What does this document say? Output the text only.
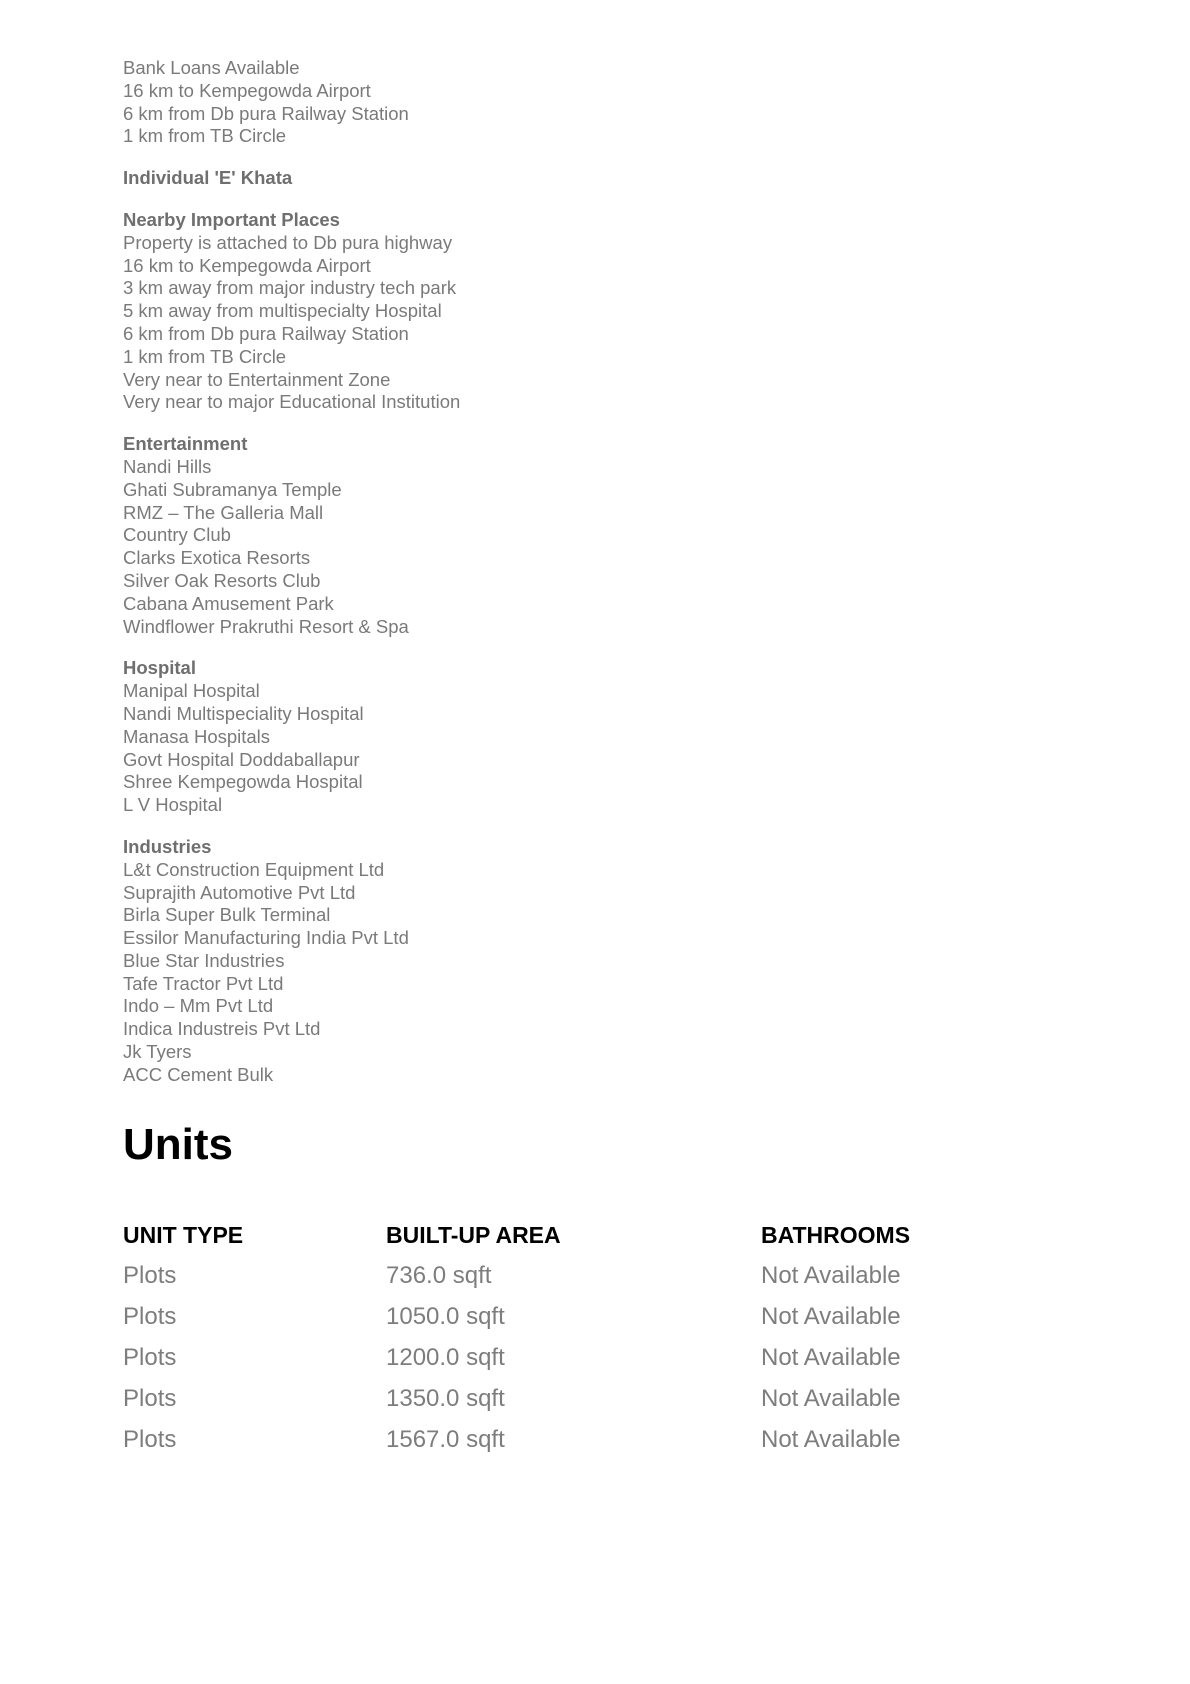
Bank Loans Available
16 km to Kempegowda Airport
6 km from Db pura Railway Station
1 km from TB Circle
Individual 'E' Khata
Nearby Important Places
Property is attached to Db pura highway
16 km to Kempegowda Airport
3 km away from major industry tech park
5 km away from multispecialty Hospital
6 km from Db pura Railway Station
1 km from TB Circle
Very near to Entertainment Zone
Very near to major Educational Institution
Entertainment
Nandi Hills
Ghati Subramanya Temple
RMZ – The Galleria Mall
Country Club
Clarks Exotica Resorts
Silver Oak Resorts Club
Cabana Amusement Park
Windflower Prakruthi Resort & Spa
Hospital
Manipal Hospital
Nandi Multispeciality Hospital
Manasa Hospitals
Govt Hospital Doddaballapur
Shree Kempegowda Hospital
L V Hospital
Industries
L&t Construction Equipment Ltd
Suprajith Automotive Pvt Ltd
Birla Super Bulk Terminal
Essilor Manufacturing India Pvt Ltd
Blue Star Industries
Tafe Tractor Pvt Ltd
Indo – Mm Pvt Ltd
Indica Industreis Pvt Ltd
Jk Tyers
ACC Cement Bulk
Units
UNIT TYPE	BUILT-UP AREA	BATHROOMS
Plots	736.0 sqft	Not Available
Plots	1050.0 sqft	Not Available
Plots	1200.0 sqft	Not Available
Plots	1350.0 sqft	Not Available
Plots	1567.0 sqft	Not Available
